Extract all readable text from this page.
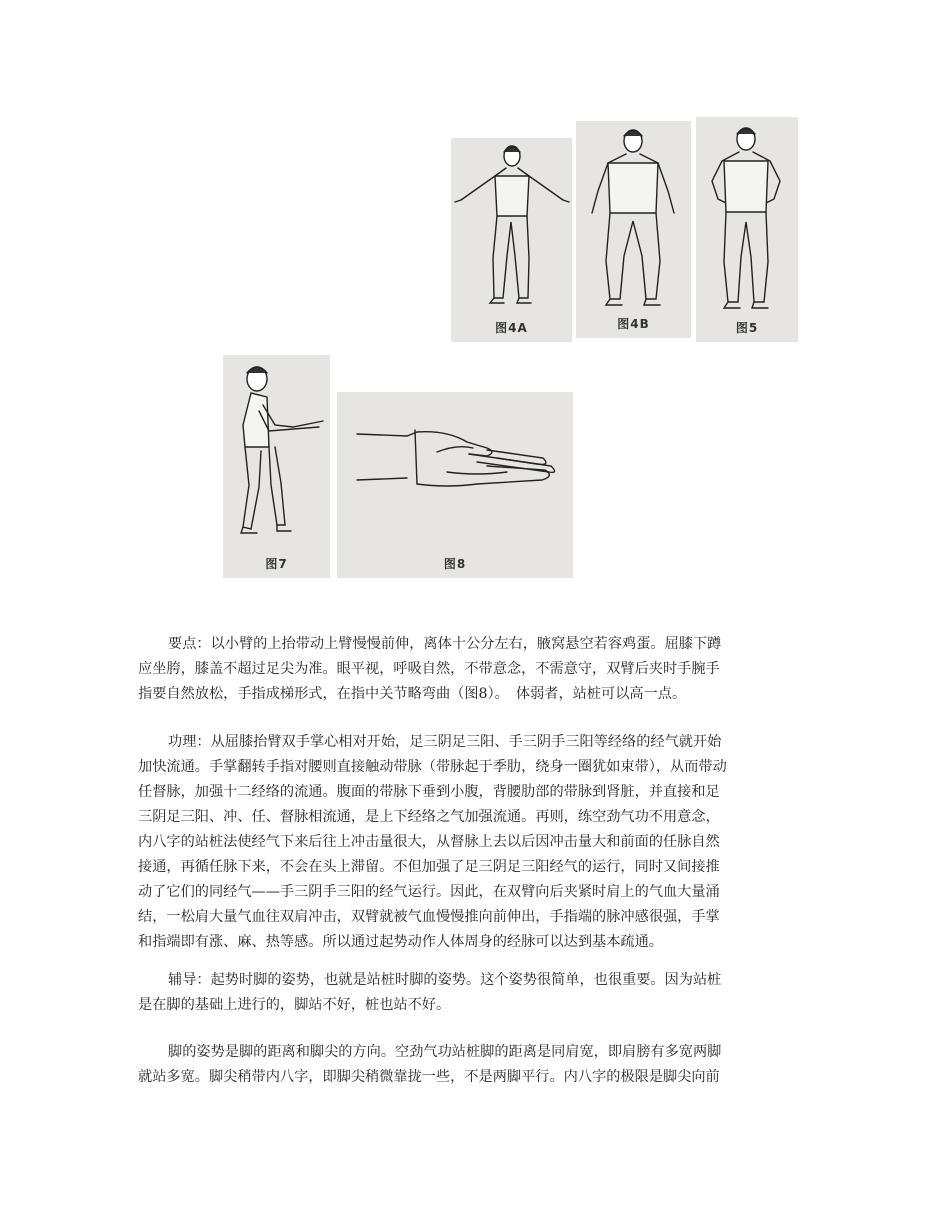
图4A	图4B	图5
图7	图8

要点：以小臂的上抬带动上臂慢慢前伸，离体十公分左右，腋窝悬空若容鸡蛋。屈膝下蹲
应坐胯，膝盖不超过足尖为准。眼平视，呼吸自然，不带意念，不需意守，双臂后夹时手腕手
指要自然放松，手指成梯形式，在指中关节略弯曲（图8）。　体弱者，站桩可以高一点。

功理：从屈膝抬臂双手掌心相对开始，足三阴足三阳、手三阴手三阳等经络的经气就开始
加快流通。手掌翻转手指对腰则直接触动带脉（带脉起于季肋，绕身一圈犹如束带），从而带动
任督脉，加强十二经络的流通。腹面的带脉下垂到小腹，背腰肋部的带脉到肾脏，并直接和足
三阴足三阳、冲、任、督脉相流通，是上下经络之气加强流通。再则，练空劲气功不用意念，
内八字的站桩法使经气下来后往上冲击量很大，从督脉上去以后因冲击量大和前面的任脉自然
接通，再循任脉下来，不会在头上滞留。不但加强了足三阴足三阳经气的运行，同时又间接推
动了它们的同经气——手三阴手三阳的经气运行。因此，在双臂向后夹紧时肩上的气血大量涌
结，一松肩大量气血往双肩冲击，双臂就被气血慢慢推向前伸出，手指端的脉冲感很强，手掌
和指端即有涨、麻、热等感。所以通过起势动作人体周身的经脉可以达到基本疏通。

辅导：起势时脚的姿势，也就是站桩时脚的姿势。这个姿势很简单，也很重要。因为站桩
是在脚的基础上进行的，脚站不好，桩也站不好。

脚的姿势是脚的距离和脚尖的方向。空劲气功站桩脚的距离是同肩宽，即肩膀有多宽两脚
就站多宽。脚尖稍带内八字，即脚尖稍微靠拢一些，不是两脚平行。内八字的极限是脚尖向前
